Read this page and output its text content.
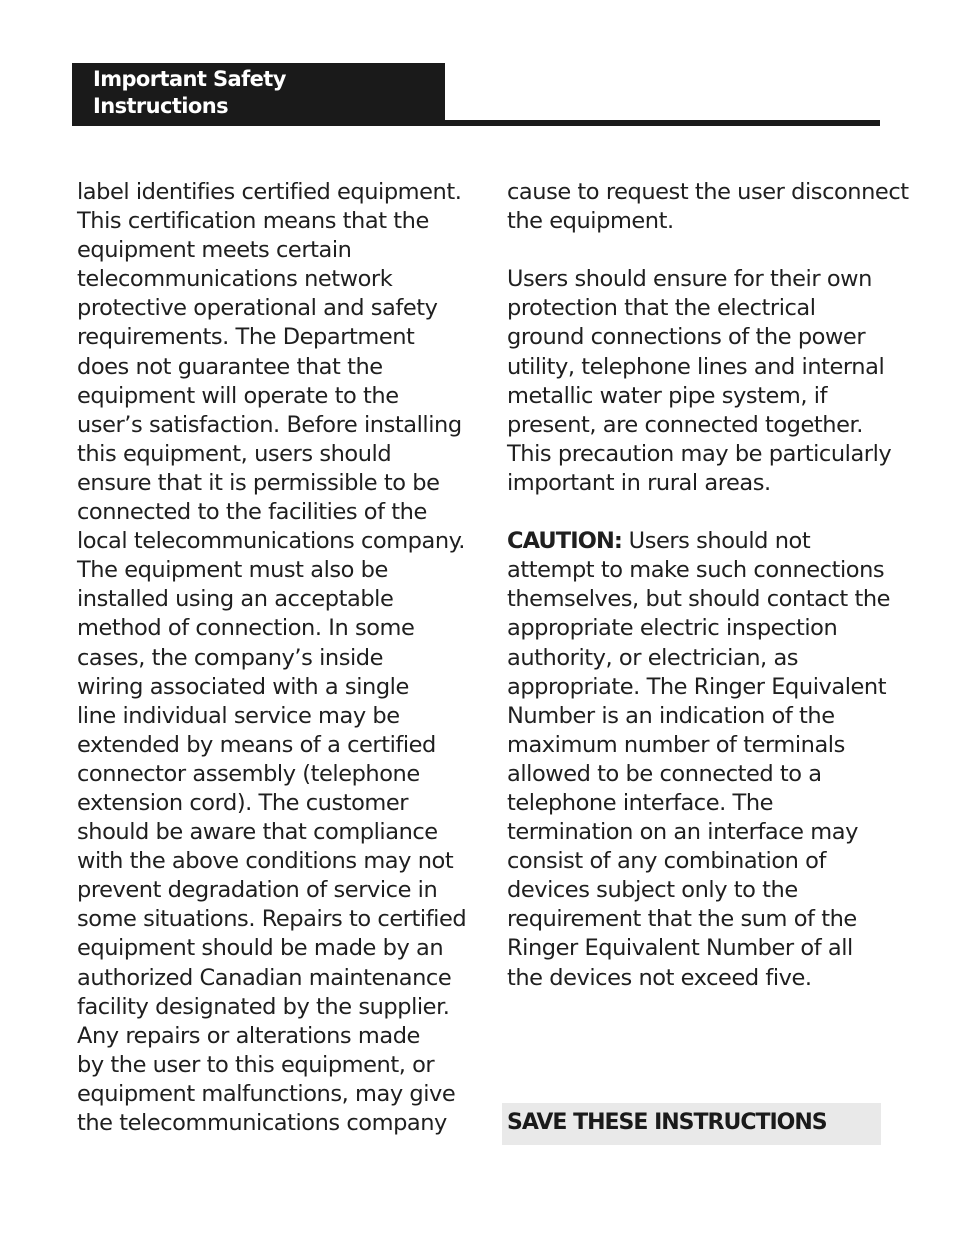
Important Safety
Instructions

label identifies certified equipment.

This certification means that the

equipment meets certain

telecommunications network

protective operational and safety

requirements. The Department

does not guarantee that the

equipment will operate to the

user’s satisfaction. Before installing

this equipment, users should

ensure that it is permissible to be

connected to the facilities of the

local telecommunications company.

The equipment must also be

installed using an acceptable

method of connection. In some

cases, the company’s inside

wiring associated with a single

line individual service may be

extended by means of a certified

connector assembly (telephone

extension cord). The customer

should be aware that compliance

with the above conditions may not

prevent degradation of service in

some situations. Repairs to certified

equipment should be made by an

authorized Canadian maintenance

facility designated by the supplier.

Any repairs or alterations made

by the user to this equipment, or

equipment malfunctions, may give

the telecommunications company

cause to request the user disconnect

the equipment.

Users should ensure for their own

protection that the electrical

ground connections of the power

utility, telephone lines and internal

metallic water pipe system, if

present, are connected together.

This precaution may be particularly

important in rural areas.

CAUTION: Users should not

attempt to make such connections

themselves, but should contact the

appropriate electric inspection

authority, or electrician, as

appropriate. The Ringer Equivalent

Number is an indication of the

maximum number of terminals

allowed to be connected to a

telephone interface. The

termination on an interface may

consist of any combination of

devices subject only to the

requirement that the sum of the

Ringer Equivalent Number of all

the devices not exceed five.

SAVE THESE INSTRUCTIONS
